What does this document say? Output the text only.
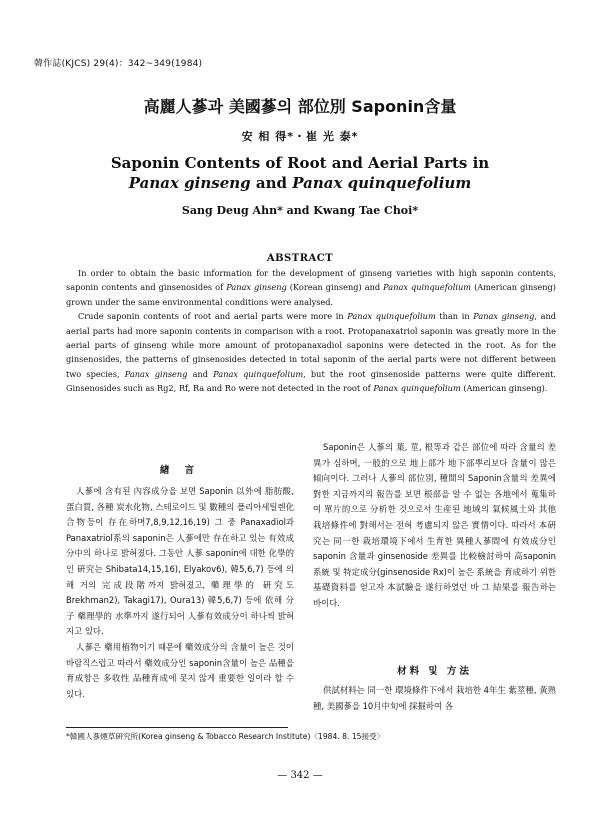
韓作誌(KJCS) 29(4)：342~349(1984)
高麗人蔘과 美國蔘의 部位別 Saponin含量
安 相 得*・崔 光 泰*
Saponin Contents of Root and Aerial Parts in
Panax ginseng and Panax quinquefolium
Sang Deug Ahn* and Kwang Tae Choi*
ABSTRACT

In order to obtain the basic information for the development of ginseng varieties with high saponin contents, saponin contents and ginsenosides of Panax ginseng (Korean ginseng) and Panax quinquefolium (American ginseng) grown under the same environmental conditions were analysed.

Crude saponin contents of root and aerial parts were more in Panax quinquefolium than in Panax ginseng, and aerial parts had more saponin contents in comparison with a root. Protopanaxatriol saponin was greatly more in the aerial parts of ginseng while more amount of protopanaxadiol saponins were detected in the root. As for the ginsenosides, the patterns of ginsenosides detected in total saponin of the aerial parts were not different between two species, Panax ginseng and Panax quinquefolium, but the root ginsenoside patterns were quite different. Ginsenosides such as Rg2, Rf, Ra and Ro were not detected in the root of Panax quinquefolium (American ginseng).

緖 言

人蔘에 含有된 內容成分을 보면 Saponin 以外에 脂肪酸, 蛋白質, 各種 炭水化物, 스테로이드 및 數種의 폴리아세틸렌化合物등이 存在하며7,8,9,12,16,19) 그 중 Panaxadiol과 Panaxatriol系의 saponin은 人蔘에만 存在하고 있는 有效成分中의 하나로 밝혀졌다. 그동안 人蔘 saponin에 대한 化學的인 硏究는 Shibata14,15,16), Elyakov6), 韓5,6,7) 등에 의해 거의 完成段階까지 밝혀졌고, 藥理學的 硏究도 Brekhman2), Takagi17), Oura13) 韓5,6,7) 등에 依해 分子 藥理學的 水準까지 遂行되어 人蔘有效成分이 하나씩 밝혀지고 있다.

人蔘은 藥用植物이기 때문에 藥效成分의 含量이 높은 것이 바람직스럽고 따라서 藥效成分인 saponin含量이 높은 品種을 育成함은 多收性 品種育成에 못지 않게 重要한 일이라 할 수 있다.

Saponin은 人蔘의 葉, 莖, 根等과 같은 部位에 따라 含量의 差異가 심하며, 一般的으로 地上部가 地下部뿌리보다 含量이 많은 傾向이다. 그러나 人蔘의 部位別, 種間의 Saponin含量의 差異에 對한 지금까지의 報告를 보면 根部을 알 수 없는 各地에서 蒐集하여 單片的으로 分析한 것으로서 生産된 地域의 氣候風土와 其他 栽培條件에 對해서는 전혀 考慮되지 않은 實情이다. 따라서 本硏究는 同一한 栽培環境下에서 生育한 異種人蔘間에 有效成分인 saponin 含量과 ginsenoside 差異를 比較檢討하여 高saponin系統 및 特定成分(ginsenoside Rx)이 높은 系統을 育成하기 위한 基礎資料를 얻고자 本試驗을 遂行하였던 바 그 結果를 報告하는 바이다.

材料 및 方法

供試材料는 同一한 環境條件下에서 栽培한 4年生 紫莖種, 黃熟種, 美國蔘을 10月中旬에 採掘하여 各

*韓國人蔘煙草硏究所(Korea ginseng & Tobacco Research Institute)〈1984. 8. 15接受〉
— 342 —
